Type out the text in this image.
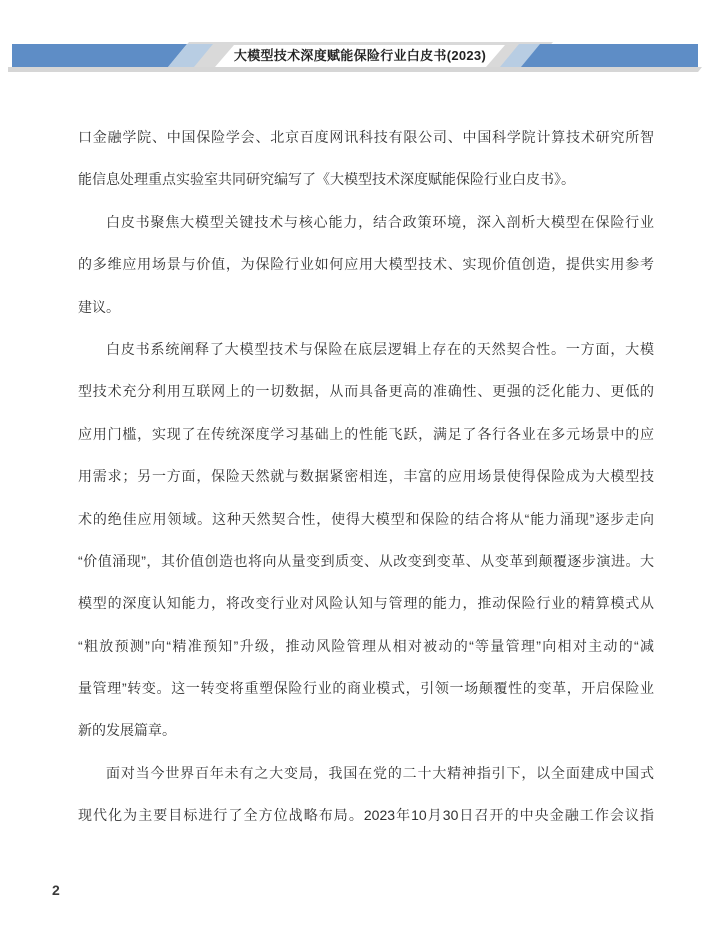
大模型技术深度赋能保险行业白皮书(2023)
口金融学院、中国保险学会、北京百度网讯科技有限公司、中国科学院计算技术研究所智
能信息处理重点实验室共同研究编写了《大模型技术深度赋能保险行业白皮书》。
白皮书聚焦大模型关键技术与核心能力，结合政策环境，深入剖析大模型在保险行业
的多维应用场景与价值，为保险行业如何应用大模型技术、实现价值创造，提供实用参考
建议。
白皮书系统阐释了大模型技术与保险在底层逻辑上存在的天然契合性。一方面，大模
型技术充分利用互联网上的一切数据，从而具备更高的准确性、更强的泛化能力、更低的
应用门槛，实现了在传统深度学习基础上的性能飞跃，满足了各行各业在多元场景中的应
用需求；另一方面，保险天然就与数据紧密相连，丰富的应用场景使得保险成为大模型技
术的绝佳应用领域。这种天然契合性，使得大模型和保险的结合将从“能力涌现”逐步走向
“价值涌现”，其价值创造也将向从量变到质变、从改变到变革、从变革到颠覆逐步演进。大
模型的深度认知能力，将改变行业对风险认知与管理的能力，推动保险行业的精算模式从
“粗放预测”向“精准预知”升级，推动风险管理从相对被动的“等量管理”向相对主动的“减
量管理”转变。这一转变将重塑保险行业的商业模式，引领一场颠覆性的变革，开启保险业
新的发展篇章。
面对当今世界百年未有之大变局，我国在党的二十大精神指引下，以全面建成中国式
现代化为主要目标进行了全方位战略布局。2023年10月30日召开的中央金融工作会议指
2
